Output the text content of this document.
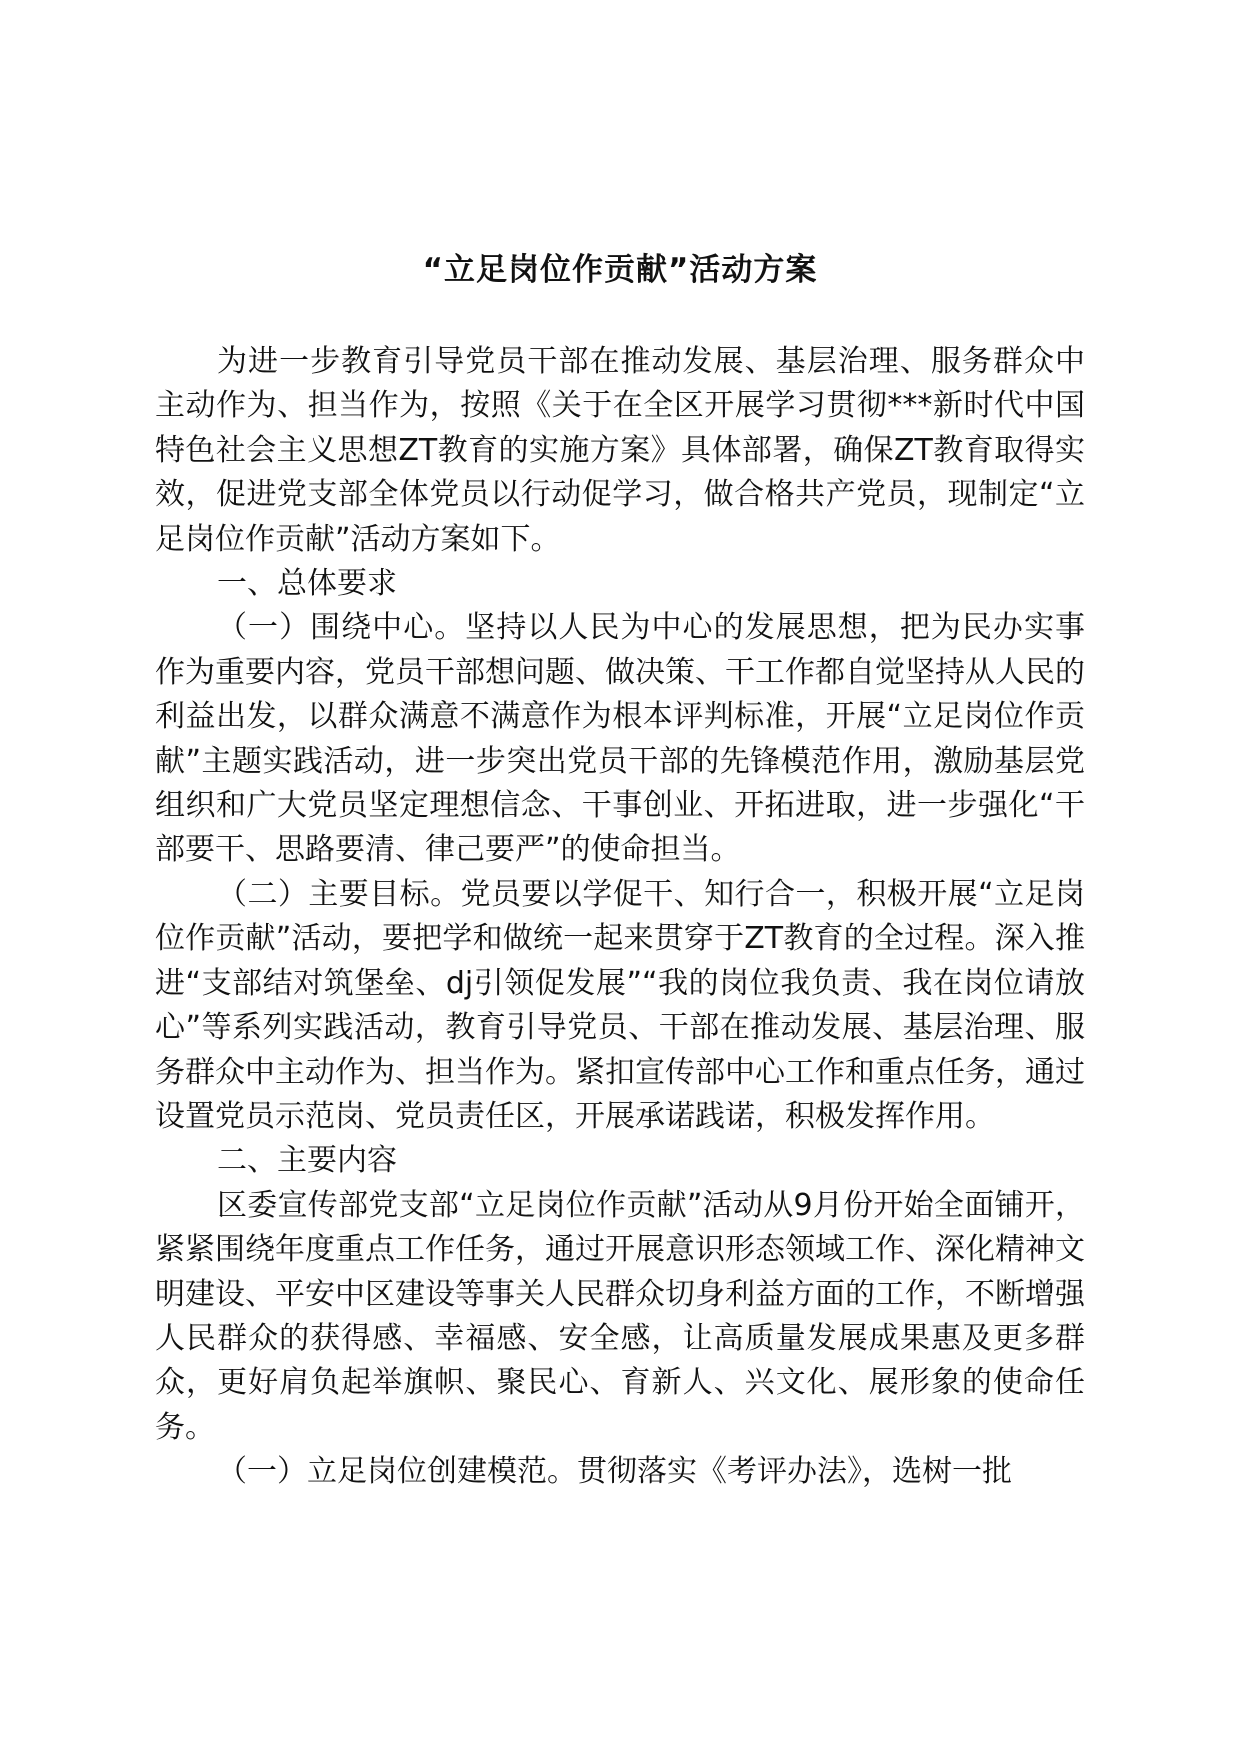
“立足岗位作贡献”活动方案

为进一步教育引导党员干部在推动发展、基层治理、服务群众中主动作为、担当作为，按照《关于在全区开展学习贯彻***新时代中国特色社会主义思想ZT教育的实施方案》具体部署，确保ZT教育取得实效，促进党支部全体党员以行动促学习，做合格共产党员，现制定“立足岗位作贡献”活动方案如下。

一、总体要求

（一）围绕中心。坚持以人民为中心的发展思想，把为民办实事作为重要内容，党员干部想问题、做决策、干工作都自觉坚持从人民的利益出发，以群众满意不满意作为根本评判标准，开展“立足岗位作贡献”主题实践活动，进一步突出党员干部的先锋模范作用，激励基层党组织和广大党员坚定理想信念、干事创业、开拓进取，进一步强化“干部要干、思路要清、律己要严”的使命担当。

（二）主要目标。党员要以学促干、知行合一，积极开展“立足岗位作贡献”活动，要把学和做统一起来贯穿于ZT教育的全过程。深入推进“支部结对筑堡垒、dj引领促发展”“我的岗位我负责、我在岗位请放心”等系列实践活动，教育引导党员、干部在推动发展、基层治理、服务群众中主动作为、担当作为。紧扣宣传部中心工作和重点任务，通过设置党员示范岗、党员责任区，开展承诺践诺，积极发挥作用。

二、主要内容

区委宣传部党支部“立足岗位作贡献”活动从9月份开始全面铺开，紧紧围绕年度重点工作任务，通过开展意识形态领域工作、深化精神文明建设、平安中区建设等事关人民群众切身利益方面的工作，不断增强人民群众的获得感、幸福感、安全感，让高质量发展成果惠及更多群众，更好肩负起举旗帜、聚民心、育新人、兴文化、展形象的使命任务。

（一）立足岗位创建模范。贯彻落实《考评办法》，选树一批
